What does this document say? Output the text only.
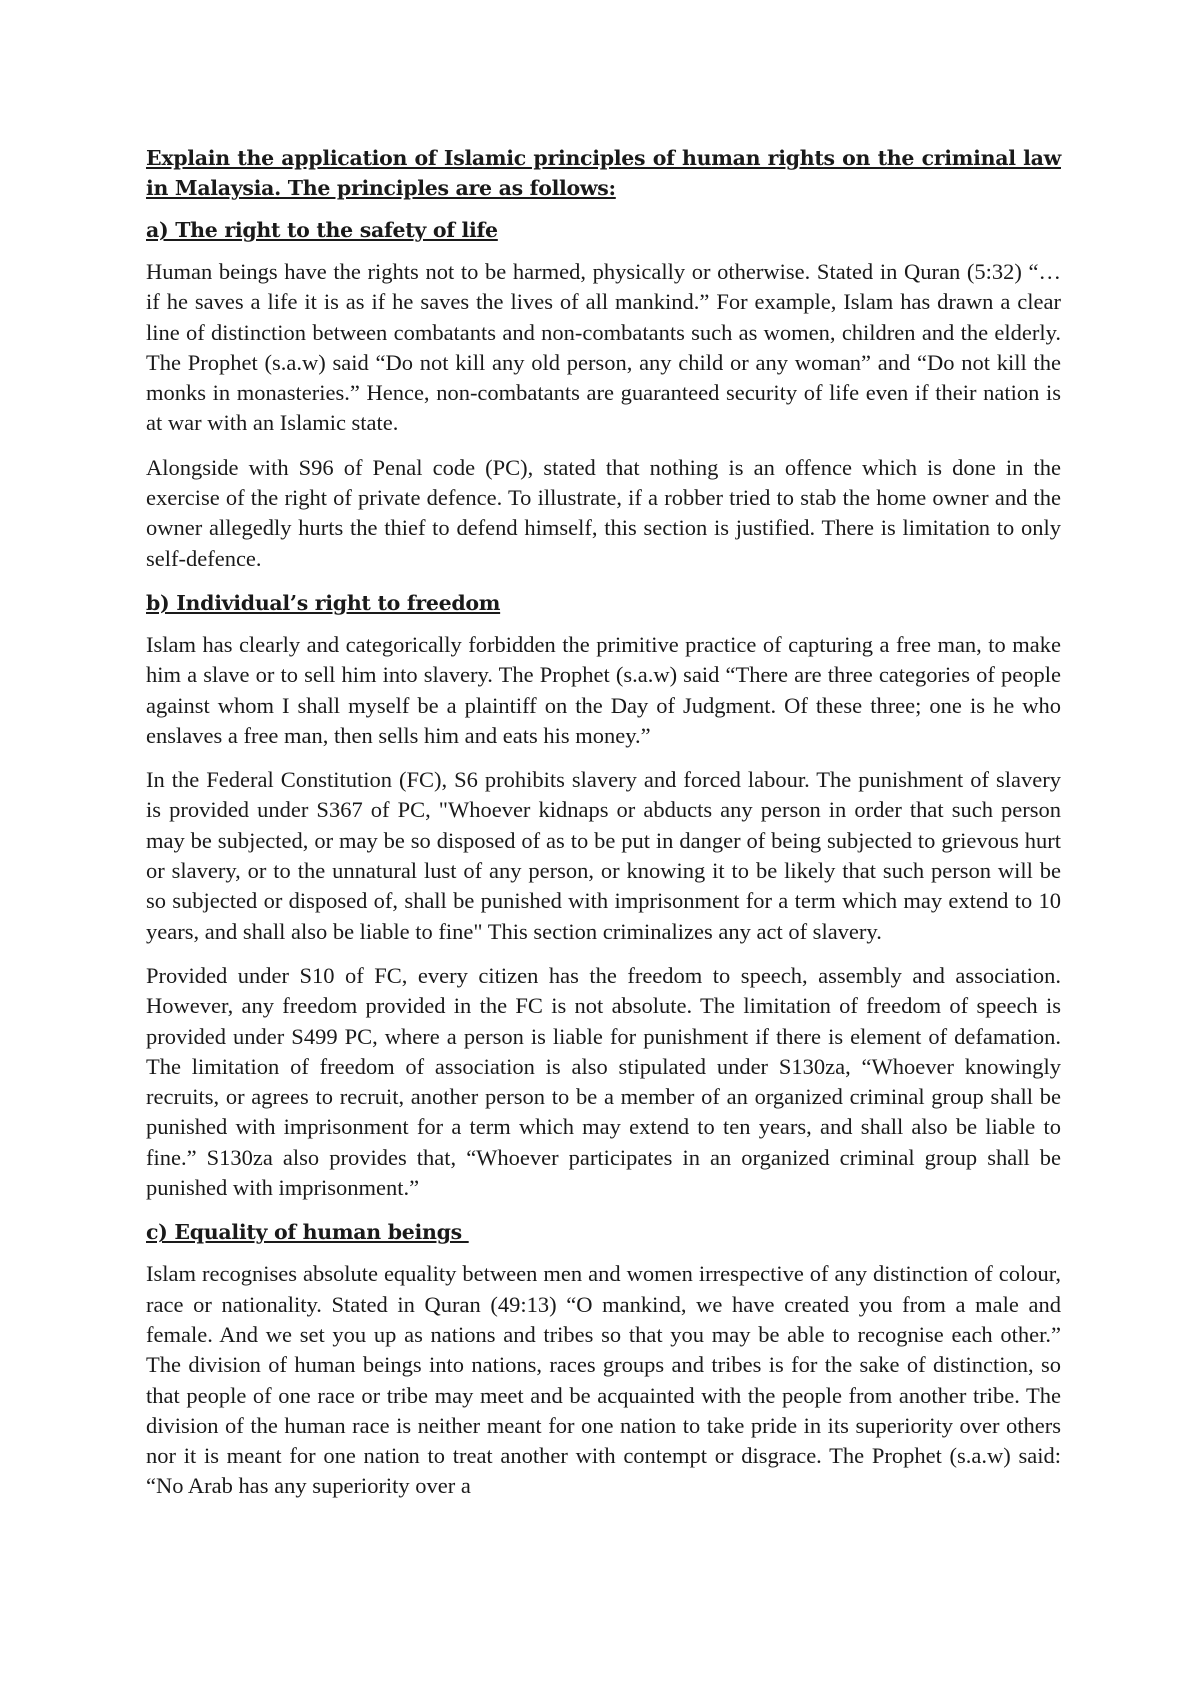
Explain the application of Islamic principles of human rights on the criminal law in Malaysia. The principles are as follows:

a) The right to the safety of life

Human beings have the rights not to be harmed, physically or otherwise. Stated in Quran (5:32) “… if he saves a life it is as if he saves the lives of all mankind.” For example, Islam has drawn a clear line of distinction between combatants and non-combatants such as women, children and the elderly. The Prophet (s.a.w) said “Do not kill any old person, any child or any woman” and “Do not kill the monks in monasteries.” Hence, non-combatants are guaranteed security of life even if their nation is at war with an Islamic state.

Alongside with S96 of Penal code (PC), stated that nothing is an offence which is done in the exercise of the right of private defence. To illustrate, if a robber tried to stab the home owner and the owner allegedly hurts the thief to defend himself, this section is justified. There is limitation to only self-defence.

b) Individual’s right to freedom

Islam has clearly and categorically forbidden the primitive practice of capturing a free man, to make him a slave or to sell him into slavery. The Prophet (s.a.w) said “There are three categories of people against whom I shall myself be a plaintiff on the Day of Judgment. Of these three; one is he who enslaves a free man, then sells him and eats his money.”

In the Federal Constitution (FC), S6 prohibits slavery and forced labour. The punishment of slavery is provided under S367 of PC, "Whoever kidnaps or abducts any person in order that such person may be subjected, or may be so disposed of as to be put in danger of being subjected to grievous hurt or slavery, or to the unnatural lust of any person, or knowing it to be likely that such person will be so subjected or disposed of, shall be punished with imprisonment for a term which may extend to 10 years, and shall also be liable to fine" This section criminalizes any act of slavery.

Provided under S10 of FC, every citizen has the freedom to speech, assembly and association. However, any freedom provided in the FC is not absolute. The limitation of freedom of speech is provided under S499 PC, where a person is liable for punishment if there is element of defamation. The limitation of freedom of association is also stipulated under S130za, “Whoever knowingly recruits, or agrees to recruit, another person to be a member of an organized criminal group shall be punished with imprisonment for a term which may extend to ten years, and shall also be liable to fine.” S130za also provides that, “Whoever participates in an organized criminal group shall be punished with imprisonment.”

c) Equality of human beings

Islam recognises absolute equality between men and women irrespective of any distinction of colour, race or nationality. Stated in Quran (49:13) “O mankind, we have created you from a male and female. And we set you up as nations and tribes so that you may be able to recognise each other.” The division of human beings into nations, races groups and tribes is for the sake of distinction, so that people of one race or tribe may meet and be acquainted with the people from another tribe. The division of the human race is neither meant for one nation to take pride in its superiority over others nor it is meant for one nation to treat another with contempt or disgrace. The Prophet (s.a.w) said: “No Arab has any superiority over a
